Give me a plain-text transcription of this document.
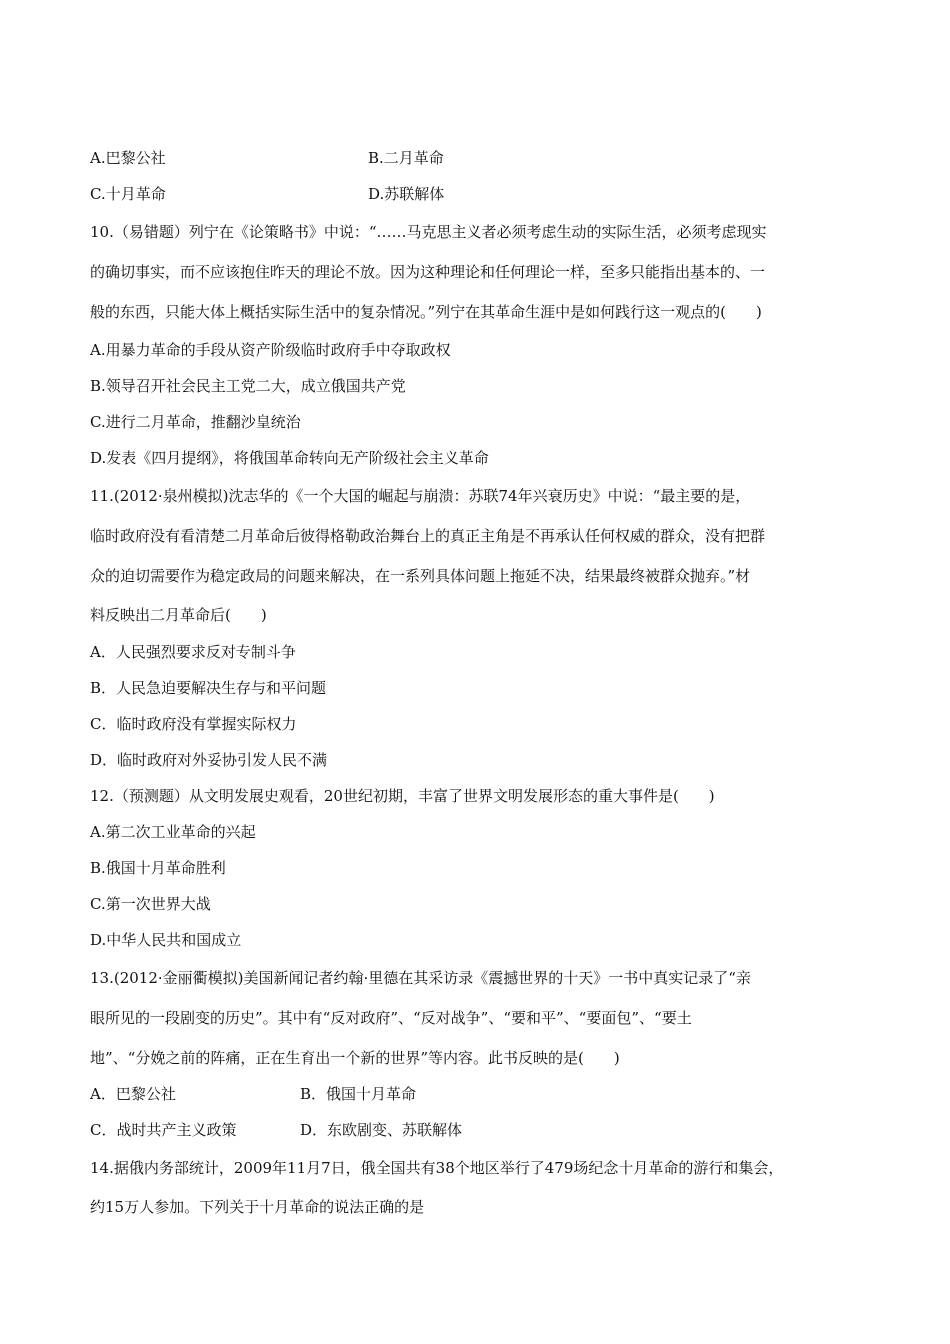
A.巴黎公社	B.二月革命
C.十月革命	D.苏联解体
10.（易错题）列宁在《论策略书》中说：“……马克思主义者必须考虑生动的实际生活，必须考虑现实
的确切事实，而不应该抱住昨天的理论不放。因为这种理论和任何理论一样，至多只能指出基本的、一
般的东西，只能大体上概括实际生活中的复杂情况。”列宁在其革命生涯中是如何践行这一观点的(　　)
A.用暴力革命的手段从资产阶级临时政府手中夺取政权
B.领导召开社会民主工党二大，成立俄国共产党
C.进行二月革命，推翻沙皇统治
D.发表《四月提纲》，将俄国革命转向无产阶级社会主义革命
11.(2012·泉州模拟)沈志华的《一个大国的崛起与崩溃：苏联74年兴衰历史》中说：“最主要的是，
临时政府没有看清楚二月革命后彼得格勒政治舞台上的真正主角是不再承认任何权威的群众，没有把群
众的迫切需要作为稳定政局的问题来解决，在一系列具体问题上拖延不决，结果最终被群众抛弃。”材
料反映出二月革命后(　　)
A．人民强烈要求反对专制斗争
B．人民急迫要解决生存与和平问题
C．临时政府没有掌握实际权力
D．临时政府对外妥协引发人民不满
12.（预测题）从文明发展史观看，20世纪初期，丰富了世界文明发展形态的重大事件是(　　)
A.第二次工业革命的兴起
B.俄国十月革命胜利
C.第一次世界大战
D.中华人民共和国成立
13.(2012·金丽衢模拟)美国新闻记者约翰·里德在其采访录《震撼世界的十天》一书中真实记录了“亲
眼所见的一段剧变的历史”。其中有“反对政府”、“反对战争”、“要和平”、“要面包”、“要土
地”、“分娩之前的阵痛，正在生育出一个新的世界”等内容。此书反映的是(　　)
A．巴黎公社	B．俄国十月革命
C．战时共产主义政策	D．东欧剧变、苏联解体
14.据俄内务部统计，2009年11月7日，俄全国共有38个地区举行了479场纪念十月革命的游行和集会，
约15万人参加。下列关于十月革命的说法正确的是
